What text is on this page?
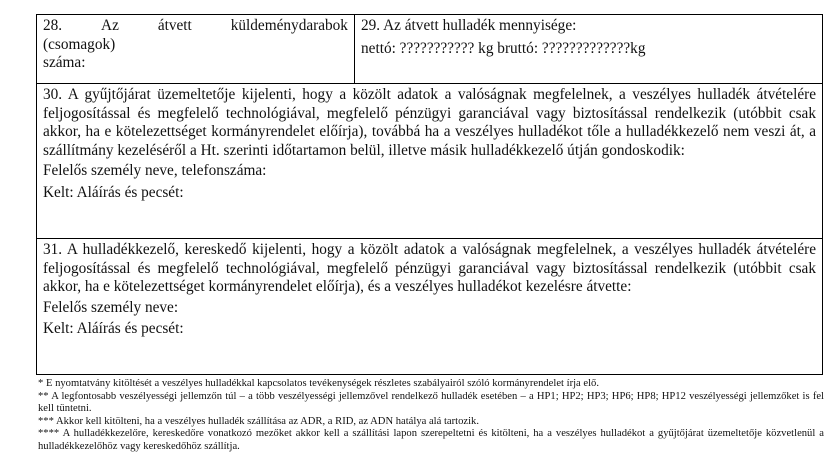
28.	Az	átvett	küldeménydarabok
(csomagok)
száma:

29. Az átvett hulladék mennyisége:
nettó: ??????????? kg bruttó: ?????????????kg

30. A gyűjtőjárat üzemeltetője kijelenti, hogy a közölt adatok a valóságnak megfelelnek, a veszélyes hulladék átvételére feljogosítással és megfelelő technológiával, megfelelő pénzügyi garanciával vagy biztosítással rendelkezik (utóbbit csak akkor, ha e kötelezettséget kormányrendelet előírja), továbbá ha a veszélyes hulladékot tőle a hulladékkezelő nem veszi át, a szállítmány kezeléséről a Ht. szerinti időtartamon belül, illetve másik hulladékkezelő útján gondoskodik:
Felelős személy neve, telefonszáma:
Kelt: Aláírás és pecsét:

31. A hulladékkezelő, kereskedő kijelenti, hogy a közölt adatok a valóságnak megfelelnek, a veszélyes hulladék átvételére feljogosítással és megfelelő technológiával, megfelelő pénzügyi garanciával vagy biztosítással rendelkezik (utóbbit csak akkor, ha e kötelezettséget kormányrendelet előírja), és a veszélyes hulladékot kezelésre átvette:
Felelős személy neve:
Kelt: Aláírás és pecsét:

* E nyomtatvány kitöltését a veszélyes hulladékkal kapcsolatos tevékenységek részletes szabályairól szóló kormányrendelet írja elő.

** A legfontosabb veszélyességi jellemzőn túl – a több veszélyességi jellemzővel rendelkező hulladék esetében – a HP1; HP2; HP3; HP6; HP8; HP12 veszélyességi jellemzőket is fel kell tüntetni.

*** Akkor kell kitölteni, ha a veszélyes hulladék szállítása az ADR, a RID, az ADN hatálya alá tartozik.

**** A hulladékkezelőre, kereskedőre vonatkozó mezőket akkor kell a szállítási lapon szerepeltetni és kitölteni, ha a veszélyes hulladékot a gyűjtőjárat üzemeltetője közvetlenül a hulladékkezelőhöz vagy kereskedőhöz szállítja.
